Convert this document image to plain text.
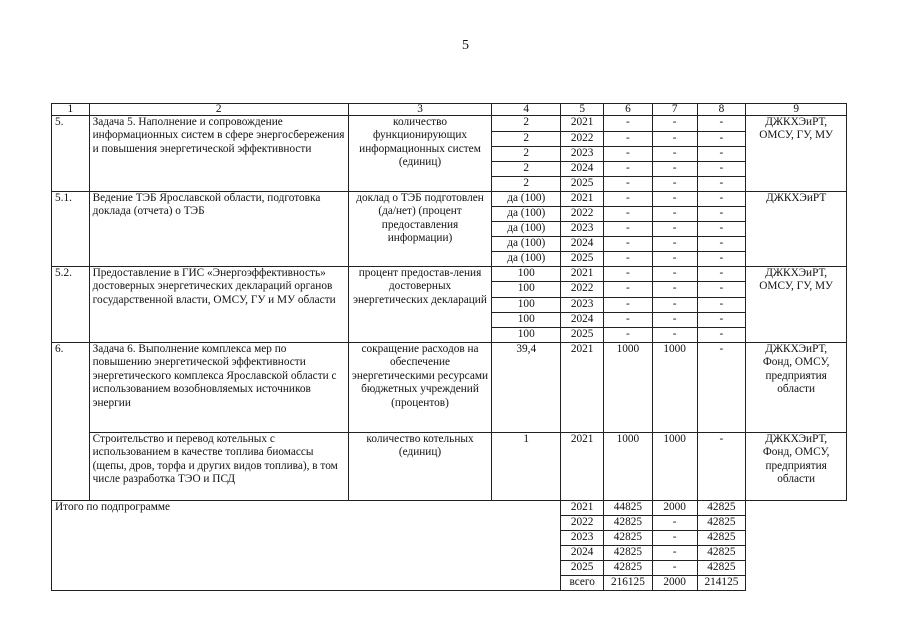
5
1	2	3	4	5	6	7	8	9
5.	Задача 5. Наполнение и сопровождение информационных систем в сфере энергосбережения и повышения энергетической эффективности	количество функционирующих информационных систем (единиц)	2	2021	-	-	-	ДЖКХЭиРТ, ОМСУ, ГУ, МУ
			2	2022	-	-	-	
			2	2023	-	-	-	
			2	2024	-	-	-	
			2	2025	-	-	-	
5.1.	Ведение ТЭБ Ярославской области, подготовка доклада (отчета) о ТЭБ	доклад о ТЭБ подготовлен (да/нет) (процент предоставления информации)	да (100)	2021	-	-	-	ДЖКХЭиРТ
			да (100)	2022	-	-	-	
			да (100)	2023	-	-	-	
			да (100)	2024	-	-	-	
			да (100)	2025	-	-	-	
5.2.	Предоставление в ГИС «Энергоэффективность» достоверных энергетических деклараций органов государственной власти, ОМСУ, ГУ и МУ области	процент предостав-ления достоверных энергетических деклараций	100	2021	-	-	-	ДЖКХЭиРТ, ОМСУ, ГУ, МУ
			100	2022	-	-	-	
			100	2023	-	-	-	
			100	2024	-	-	-	
			100	2025	-	-	-	
6.	Задача 6. Выполнение комплекса мер по повышению энергетической эффективности энергетического комплекса Ярославской области с использованием возобновляемых источников энергии	сокращение расходов на обеспечение энергетическими ресурсами бюджетных учреждений (процентов)	39,4	2021	1000	1000	-	ДЖКХЭиРТ, Фонд, ОМСУ, предприятия области
	Строительство и перевод котельных с использованием в качестве топлива биомассы (щепы, дров, торфа и других видов топлива), в том числе разработка ТЭО и ПСД	количество котельных (единиц)	1	2021	1000	1000	-	ДЖКХЭиРТ, Фонд, ОМСУ, предприятия области
Итого по подпрограмме				2021	44825	2000	42825	
				2022	42825	-	42825	
				2023	42825	-	42825	
				2024	42825	-	42825	
				2025	42825	-	42825	
				всего	216125	2000	214125	
